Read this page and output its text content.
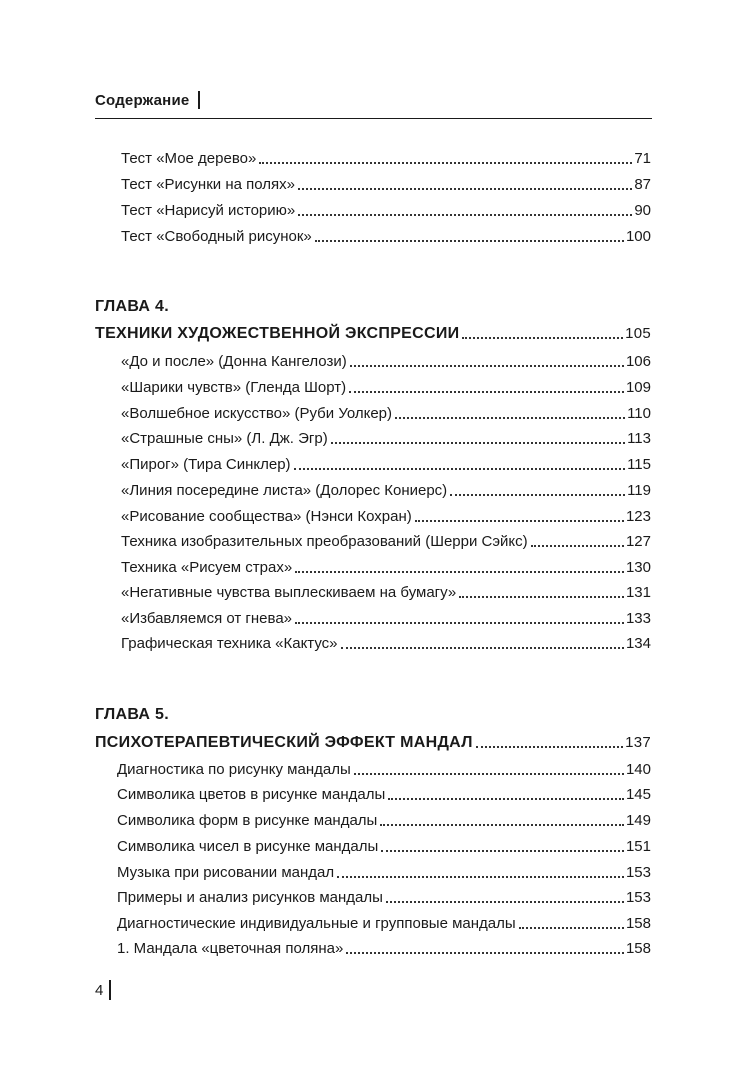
Содержание
Тест «Мое дерево»	71
Тест «Рисунки на полях»	87
Тест «Нарисуй историю»	90
Тест «Свободный рисунок»	100
ГЛАВА 4.
ТЕХНИКИ ХУДОЖЕСТВЕННОЙ ЭКСПРЕССИИ	105
«До и после» (Донна Кангелози)	106
«Шарики чувств» (Гленда Шорт)	109
«Волшебное искусство» (Руби Уолкер)	110
«Страшные сны» (Л. Дж. Эгр)	113
«Пирог» (Тира Синклер)	115
«Линия посередине листа» (Долорес Кониерс)	119
«Рисование сообщества» (Нэнси Кохран)	123
Техника изобразительных преобразований (Шерри Сэйкс)	127
Техника «Рисуем страх»	130
«Негативные чувства выплескиваем на бумагу»	131
«Избавляемся от гнева»	133
Графическая техника «Кактус»	134
ГЛАВА 5.
ПСИХОТЕРАПЕВТИЧЕСКИЙ ЭФФЕКТ МАНДАЛ	137
Диагностика по рисунку мандалы	140
Символика цветов в рисунке мандалы	145
Символика форм в рисунке мандалы	149
Символика чисел в рисунке мандалы	151
Музыка при рисовании мандал	153
Примеры и анализ рисунков мандалы	153
Диагностические индивидуальные и групповые мандалы	158
1. Мандала «цветочная поляна»	158
4
